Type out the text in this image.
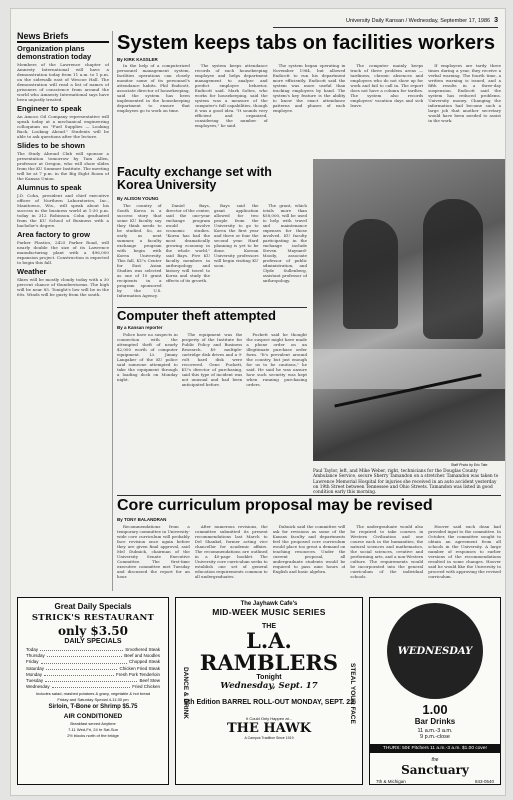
University Daily Kansan / Wednesday, September 17, 1986 3
News Briefs
Organization plans demonstration today

Members of the Lawrence chapter of Amnesty International will have a demonstration today from 11 a.m. to 1 p.m. on the sidewalk east of Wescoe Hall. The demonstration will read a list of names of prisoners of conscience from around the world who Amnesty International says have been unjustly treated.

Engineer to speak

An Amoco Oil Company representative will speak today at a mechanical engineering colloquium on "Fuel Supplies — Looking Back, Looking Ahead." Students will be able to ask questions after the lecture.

Slides to be shown

The Study Abroad Club will sponsor a presentation tomorrow by Tam Allen, professor at Oregon, who will show slides from the KU Summer Institute. The meeting will be at 7 p.m. in the Big Eight Room of the Kansas Union.

Alumnus to speak

J.D. Cohn, president and chief executive officer of Northern Laboratories, Inc., Manitowoc, Wis., will speak about his success in the business world at 1:30 p.m. today in 312 Robinson. Cohn graduated from the KU School of Business with a bachelor's degree.

Area factory to grow

Parker Plastics, 2425 Parker Road, will nearly double the size of its Lawrence manufacturing plant with a $96,000 expansion project. Construction is expected to begin this fall.

Weather

Skies will be mostly cloudy today with a 30 percent chance of thunderstorms. The high will be near 85. Tonight's low will be in the 60s. Winds will be gusty from the south.

System keeps tabs on facilities workers
By KIRK KASSLER

In the help of a computerized personnel management system, facilities operations can closely monitor some of its personnel's attendance habits. Phil Endicott, associate director of housekeeping, said the system has been implemented in the housekeeping department to ensure that employees go to work on time.

The system keeps attendance records of each housekeeping employee and helps department management to analyze and predict employee behavior, Endicott said. Mark Soltes, who works for housekeeping, said the system was a measure of the computer's full capabilities, though it was a good idea. "It sounds very efficient and organized, considering the number of employees," he said.

The system began operating in November 1984, but allowed Endicott to run his department more efficiently. Endicott said the system was more useful than tracking employees by hand. The system's key feature is the ability to know the exact attendance patterns and phases of each employee.

The computer mainly keeps track of three problem areas — tardiness, chronic absences and employees who do not show up for work and fail to call in. The report does not have a column for tardies. The system also records employees' vacation days and sick leave.

If employees are tardy three times during a year, they receive a verbal warning. The fourth time, a written warning is issued, and a fifth results in a three-day suspension. Endicott said the system has reduced problems. University money. Changing the information had become such a large job that another secretary would have been needed to assist in the work.

Faculty exchange set with Korea University
By ALISON YOUNG

The country of South Korea is a success story that some KU faculty say they think needs to be studied. So, as early as next summer, a faculty exchange program with begin with Korea University. This fall, KU's Center for East Asian Studies was selected as one of 10 grant recipients in a program sponsored by the U.S. Information Agency.

Daniel Bays, director of the center, said the one-year exchange program would involve economic studies. "Korea has had the most dramatically growing economy in the whole world," said Bays. Five KU faculty members in anthropology and history will travel to Korea and study the effects of its growth.

Bays said the grant application allowed for two people from the University to go to Korea the first year and three or four the second year. Hard planning is yet to be done. Korean University professors will begin visiting KU soon.

The grant, which totals more than $58,000, will be used to help with travel and maintenance expenses for those involved. KU faculty participating in the exchange include Steven Maynard-Moody, associate professor of public administration, and Clyde Sullenberg, assistant professor of anthropology.

Computer theft attempted
By a Kansan reporter

Police have no suspects in connection with the attempted theft of nearly $2,000 worth of computer equipment. Lt. Jimmy Langaker of the KU police said someone attempted to take the equipment through a loading dock on Monday night.

The equipment was the property of the Institute for Public Policy and Business Research. $9 multiple-cartridge disk drives and a 9-volt hard disk were recovered. Gene Puckett, KU's director of purchasing, said this type of incident was not unusual and had been anticipated before.

Puckett said he thought the suspect might have made a phone order on an illegitimate purchase order form. "It's prevalent around the country, but just enough for us to be cautious," he said. He said he was unsure how such security was kept when running purchasing orders.

Staff Photo by Eric Tate
Paul Taylor, left, and Mike Weber, right, technicians for the Douglas County Ambulance Service, secure Sherry Tamandon on a stretcher. Tamandon was taken to Lawrence Memorial Hospital for injuries she received in an auto accident yesterday on 19th Street between Tennessee and Ohio Streets. Tamandon was listed in good condition early this morning.
Core curriculum proposal may be revised
By TONY BALANDRAN

Recommendations from a temporary committee in University-wide core curriculum will probably face revision once again before they are given final approval, said Mel Dubnick, chairman of the University Senate Executive Committee. The first-time executive committee met Tuesday and discussed the report for an hour.

After numerous revisions, the committee submitted its present recommendations last March to Del Shankel, former acting vice chancellor for academic affairs. The recommendations are outlined in a 40-page booklet. The University core curriculum seeks to establish one set of general education requirements common to all undergraduates.

Dubnick said the committee will ask for revisions as some of the Kansas faculty and departments feel the proposed core curriculum would place too great a demand on teaching resources. Under the current proposal, all undergraduate students would be required to pass nine hours of English and basic algebra.

The undergraduate would also be required to take courses in Western Civilization and one course each in the humanities, the natural sciences and mathematics, the social sciences, creative and performing arts, and a non-Western culture. The requirements would be incorporated into the general curriculum of the individual schools.

Hoover said each dean had provided input to the committee. In October, the committee sought to obtain an agreement from all schools in the University. A large number of responses to earlier versions of the recommendations resulted in some changes. Hoover said he would like the University to proceed with approving the revised curriculum.

Great Daily Specials
STRICK'S RESTAURANT
only $3.50
DAILY SPECIALS
Today	Smothered Steak
Thursday	Beef and Noodles
Friday	Chopped Steak
Saturday	Chicken Fried Steak
Monday	Fresh Pork Tenderloin
Tuesday	Beef Stew
Wednesday	Fried Chicken
Includes salad, mashed potatoes & gravy, vegetable & hot bread
Friday and Saturday Special 4-11:30 pm
Sirloin, T-Bone or Shrimp $5.75
AIR CONDITIONED
Breakfast served Anytime
7-11 Wed-Fri, 24 hr Sat-Sun
2½ blocks north of the bridge
DANCE & DRINK	STEAL YOUR FACE
The Jayhawk Cafe's
MID-WEEK MUSIC SERIES
THE
L.A. RAMBLERS
Tonight
Wednesday, Sept. 17
6th Edition BARREL ROLL-OUT MONDAY, SEPT. 22
It Could Only Happen at...
THE HAWK
A Campus Tradition Since 1919
WEDNESDAY
1.00
Bar Drinks
11 a.m.-3 a.m.
9 p.m.-close
THURS: 50¢ Pitchers 11 a.m.-3 a.m. $1.00 cover
the
Sanctuary
7th & Michigan	843-0540
